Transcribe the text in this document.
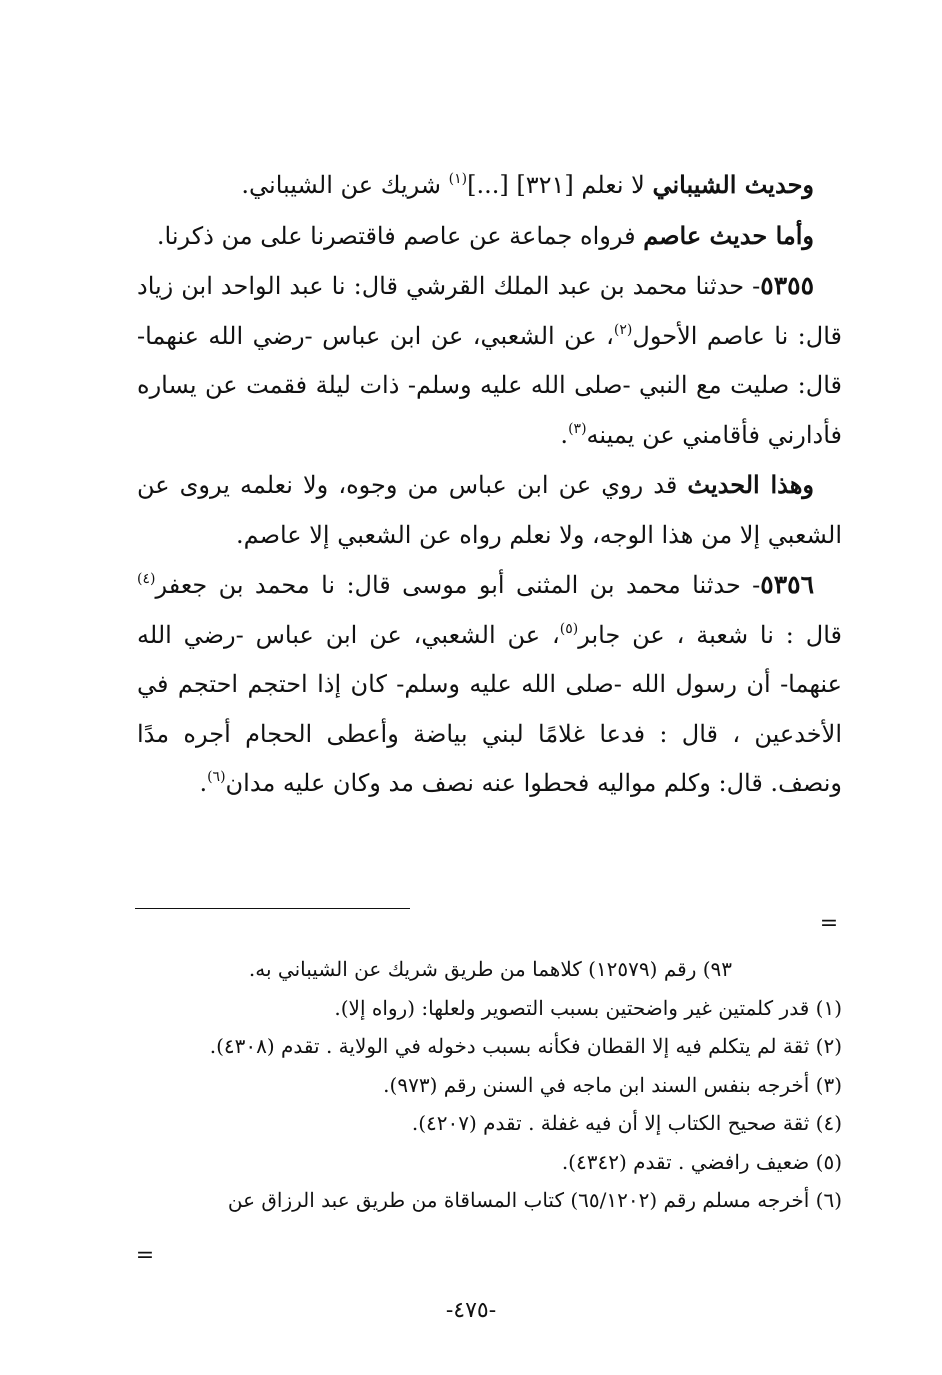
وحديث الشيباني لا نعلم [٣٢١] [...]$^{(١)}$ شريك عن الشيباني.

وأما حديث عاصم فرواه جماعة عن عاصم فاقتصرنا على من ذكرنا.

٥٣٥٥- حدثنا محمد بن عبد الملك القرشي قال: نا عبد الواحد ابن زياد قال: نا عاصم الأحول$^{(٢)}$، عن الشعبي، عن ابن عباس -رضي الله عنهما- قال: صليت مع النبي -صلى الله عليه وسلم- ذات ليلة فقمت عن يساره فأدارني فأقامني عن يمينه$^{(٣)}$.

وهذا الحديث قد روي عن ابن عباس من وجوه، ولا نعلمه يروى عن الشعبي إلا من هذا الوجه، ولا نعلم رواه عن الشعبي إلا عاصم.

٥٣٥٦- حدثنا محمد بن المثنى أبو موسى قال: نا محمد بن جعفر$^{(٤)}$ قال : نا شعبة ، عن جابر$^{(٥)}$، عن الشعبي، عن ابن عباس -رضي الله عنهما- أن رسول الله -صلى الله عليه وسلم- كان إذا احتجم احتجم في الأخدعين ، قال : فدعا غلامًا لبني بياضة وأعطى الحجام أجره مدًا ونصف. قال: وكلم مواليه فحطوا عنه نصف مد وكان عليه مدان$^{(٦)}$.

=

٩٣) رقم (١٢٥٧٩) كلاهما من طريق شريك عن الشيباني به.

(١) قدر كلمتين غير واضحتين بسبب التصوير ولعلها: (رواه إلا).

(٢) ثقة لم يتكلم فيه إلا القطان فكأنه بسبب دخوله في الولاية . تقدم (٤٣٠٨).

(٣) أخرجه بنفس السند ابن ماجه في السنن رقم (٩٧٣).

(٤) ثقة صحيح الكتاب إلا أن فيه غفلة . تقدم (٤٢٠٧).

(٥) ضعيف رافضي . تقدم (٤٣٤٢).

(٦) أخرجه مسلم رقم (٦٥/١٢٠٢) كتاب المساقاة من طريق عبد الرزاق عن

=
-٤٧٥-
